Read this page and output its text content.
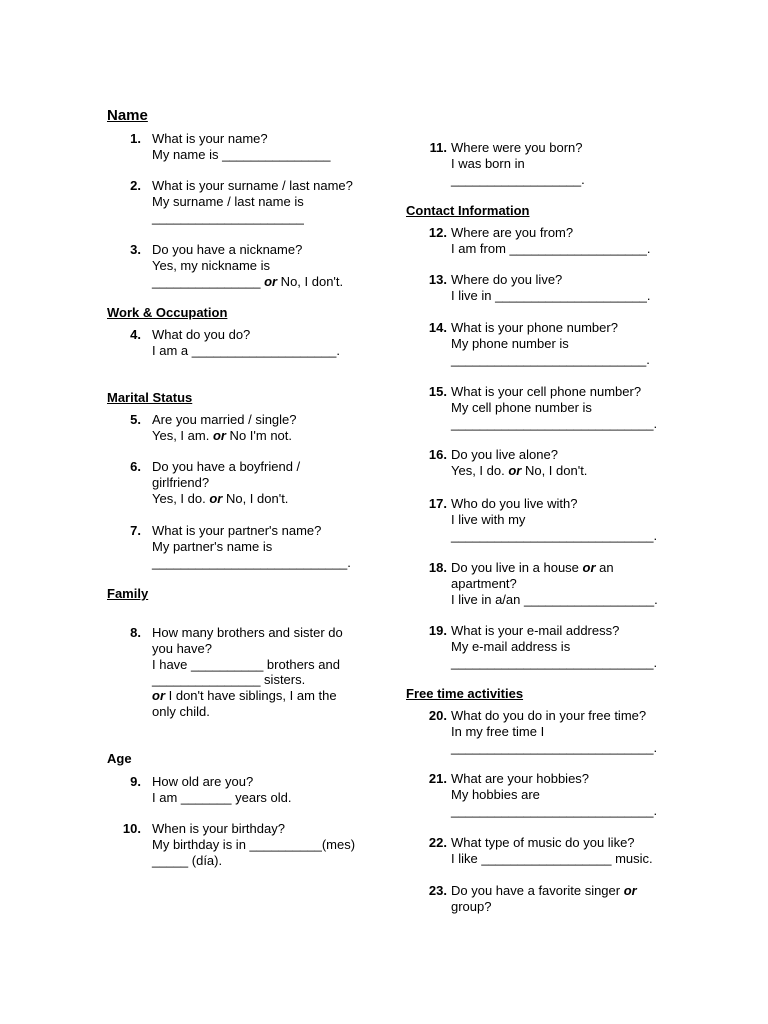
Name
1. What is your name?
My name is _______________
2. What is your surname / last name?
My surname / last name is
_____________________
3. Do you have a nickname?
Yes, my nickname is
_______________ or No, I don't.
Work & Occupation
4. What do you do?
I am a ____________________.
Marital Status
5. Are you married / single?
Yes, I am. or No I'm not.
6. Do you have a boyfriend /
girlfriend?
Yes, I do. or No, I don't.
7. What is your partner's name?
My partner's name is
___________________________.
Family
8. How many brothers and sister do
you have?
I have __________ brothers and
_______________ sisters.
or I don't have siblings, I am the
only child.
Age
9. How old are you?
I am _______ years old.
10. When is your birthday?
My birthday is in __________(mes)
_____ (día).
11. Where were you born?
I was born in
__________________.
Contact Information
12. Where are you from?
I am from ___________________.
13. Where do you live?
I live in _____________________.
14. What is your phone number?
My phone number is
___________________________.
15. What is your cell phone number?
My cell phone number is
____________________________.
16. Do you live alone?
Yes, I do. or No, I don't.
17. Who do you live with?
I live with my
____________________________.
18. Do you live in a house or an
apartment?
I live in a/an __________________.
19. What is your e-mail address?
My e-mail address is
____________________________.
Free time activities
20. What do you do in your free time?
In my free time I
____________________________.
21. What are your hobbies?
My hobbies are
____________________________.
22. What type of music do you like?
I like __________________ music.
23. Do you have a favorite singer or
group?
